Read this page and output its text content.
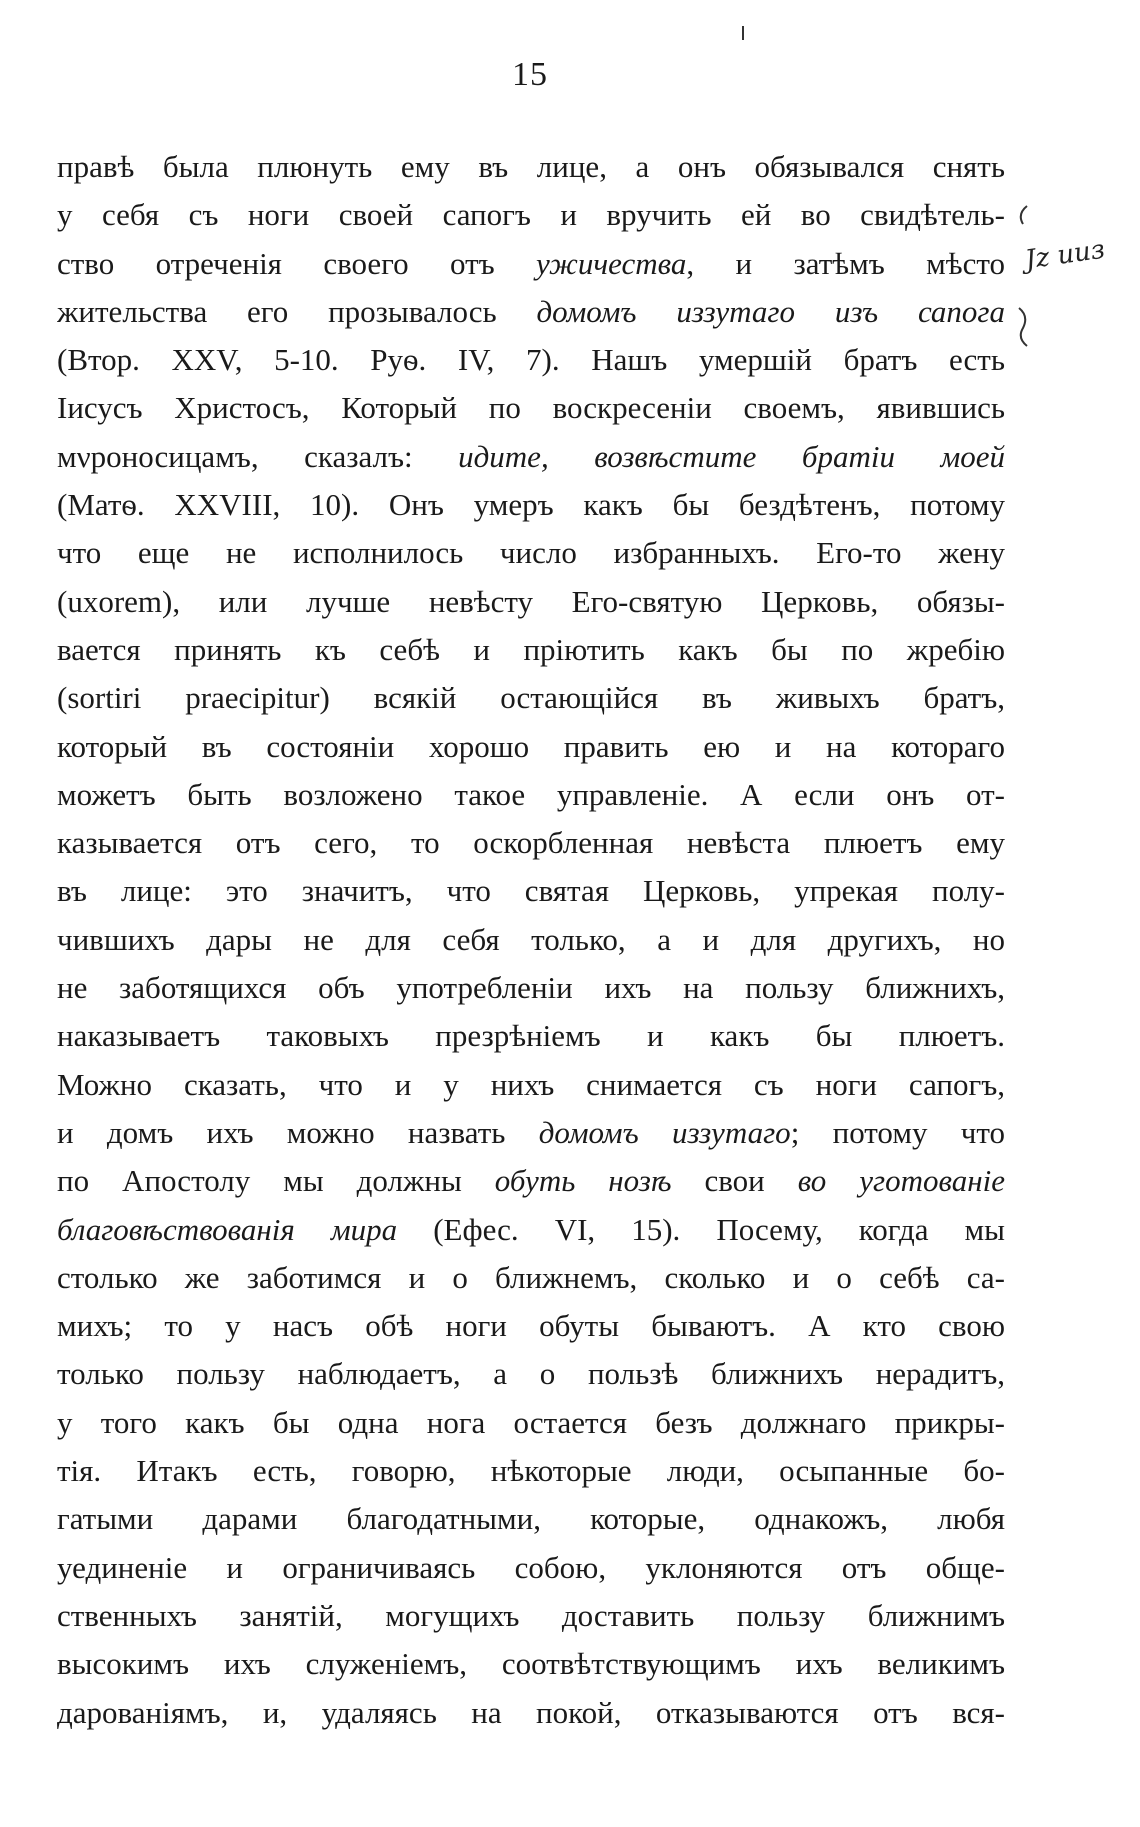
15
правѣ была плюнуть ему въ лице, а онъ обязывался снять
у себя съ ноги своей сапогъ и вручить ей во свидѣтель-
ство отреченія своего отъ ужичества, и затѣмъ мѣсто
жительства его прозывалось домомъ иззутаго изъ сапога
(Втор. XXV, 5-10. Руѳ. IV, 7). Нашъ умершій братъ есть
Іисусъ Христосъ, Который по воскресеніи своемъ, явившись
мνроносицамъ, сказалъ: идите, возвѣстите братіи моей
(Матѳ. XXVIII, 10). Онъ умеръ какъ бы бездѣтенъ, потому
что еще не исполнилось число избранныхъ. Его-то жену
(uxorem), или лучше невѣсту Его-святую Церковь, обязы-
вается принять къ себѣ и пріютить какъ бы по жребію
(sortiri praecipitur) всякій остающійся въ живыхъ братъ,
который въ состояніи хорошо править ею и на котораго
можетъ быть возложено такое управленіе. А если онъ от-
казывается отъ сего, то оскорбленная невѣста плюетъ ему
въ лице: это значитъ, что святая Церковь, упрекая полу-
чившихъ дары не для себя только, а и для другихъ, но
не заботящихся объ употребленіи ихъ на пользу ближнихъ,
наказываетъ таковыхъ презрѣніемъ и какъ бы плюетъ.
Можно сказать, что и у нихъ снимается съ ноги сапогъ,
и домъ ихъ можно назвать домомъ иззутаго; потому что
по Апостолу мы должны обуть нозѣ свои во уготованіе
благовѣствованія мира (Ефес. VI, 15). Посему, когда мы
столько же заботимся и о ближнемъ, сколько и о себѣ са-
михъ; то у насъ обѣ ноги обуты бываютъ. А кто свою
только пользу наблюдаетъ, а о пользѣ ближнихъ нерадитъ,
у того какъ бы одна нога остается безъ должнаго прикры-
тія. Итакъ есть, говорю, нѣкоторые люди, осыпанные бо-
гатыми дарами благодатными, которые, однакожъ, любя
уединеніе и ограничиваясь собою, уклоняются отъ обще-
ственныхъ занятій, могущихъ доставить пользу ближнимъ
высокимъ ихъ служеніемъ, соотвѣтствующимъ ихъ великимъ
дарованіямъ, и, удаляясь на покой, отказываются отъ вся-
Jz ииз
